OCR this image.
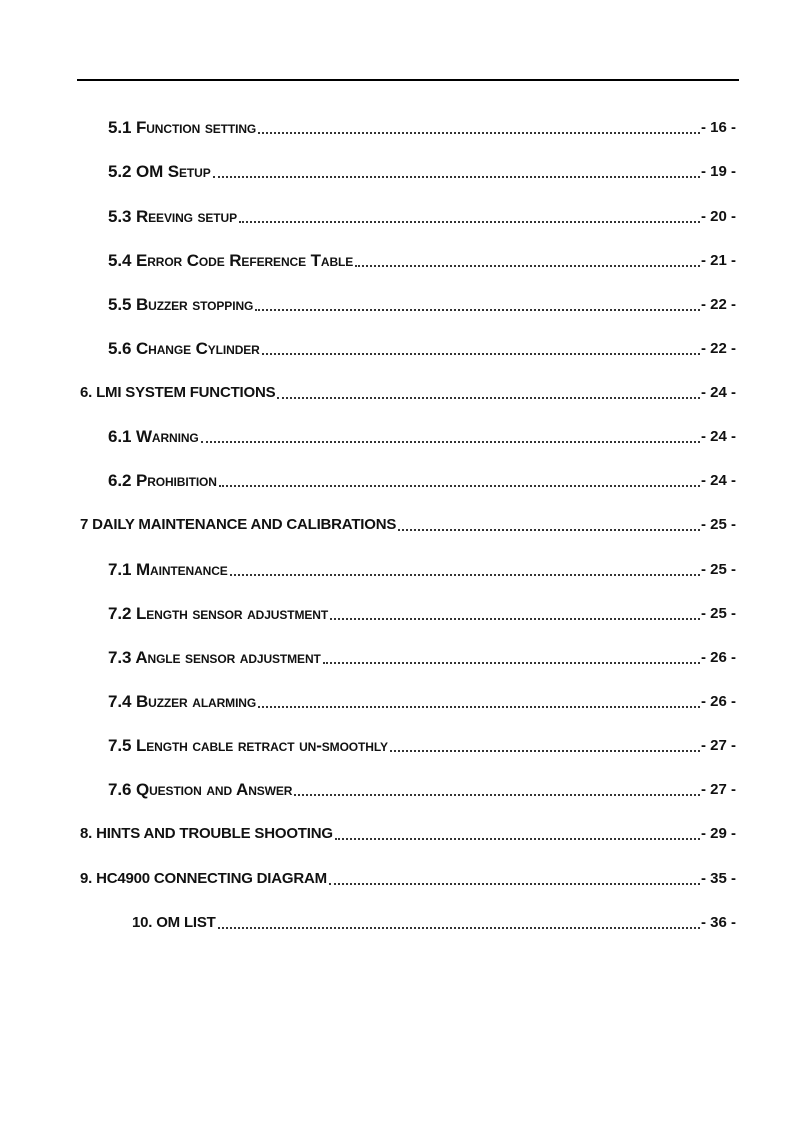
5.1 Function setting	- 16 -
5.2 OM Setup	- 19 -
5.3 Reeving setup	- 20 -
5.4 Error Code Reference Table	- 21 -
5.5 Buzzer stopping	- 22 -
5.6 Change Cylinder	- 22 -
6. LMI SYSTEM FUNCTIONS	- 24 -
6.1 Warning	- 24 -
6.2 Prohibition	- 24 -
7 DAILY MAINTENANCE AND CALIBRATIONS	- 25 -
7.1 Maintenance	- 25 -
7.2 Length sensor adjustment	- 25 -
7.3 Angle sensor adjustment	- 26 -
7.4 Buzzer alarming	- 26 -
7.5 Length cable retract un-smoothly	- 27 -
7.6 Question and Answer	- 27 -
8. HINTS AND TROUBLE SHOOTING	- 29 -
9. HC4900 CONNECTING DIAGRAM	- 35 -
10. OM LIST	- 36 -
